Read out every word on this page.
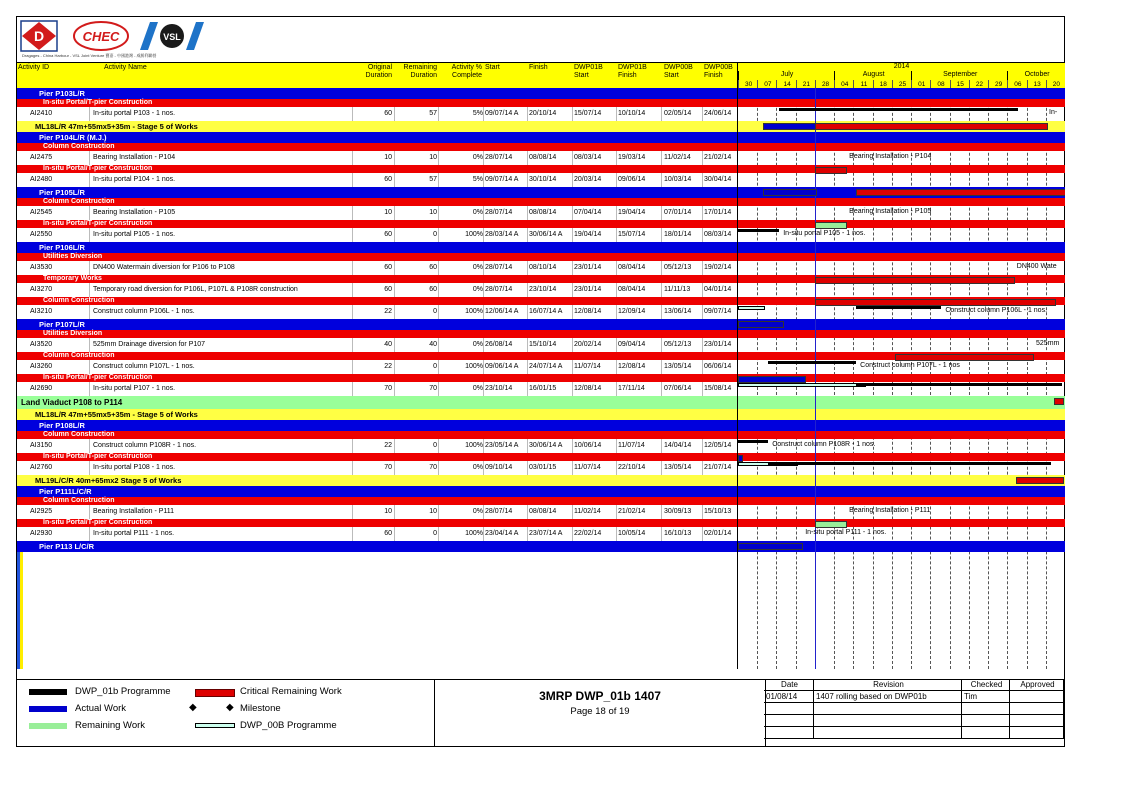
D	CHEC	VSL
Dragages - China Harbour - VSL Joint Venture 寶嘉 - 中國港灣 - 威勝利聯營
Activity ID	Activity Name	Original
Duration
Remaining
Duration
Activity %
Complete
Start	Finish	DWP01B
Start
DWP01B
Finish
DWP00B
Start
DWP00B
Finish
2014
July	August	September	October
30	07	14	21	28	04	11	18	25	01	08	15	22	29	06	13	20
Pier P103L/R
In-situ Portal/T-pier Construction
AI2410	In-situ portal P103 - 1 nos.	60	57	5% 09/07/14 A	20/10/14	15/07/14	10/10/14	02/05/14	24/06/14
ML18L/R 47m+55mx5+35m - Stage 5 of Works
Pier P104L/R (M.J.)
Column Construction
AI2475	Bearing Installation - P104	10	10	0% 28/07/14	08/08/14	08/03/14	19/03/14	11/02/14	21/02/14
In-situ Portal/T-pier Construction
AI2480	In-situ portal P104 - 1 nos.	60	57	5% 09/07/14 A	30/10/14	20/03/14	09/06/14	10/03/14	30/04/14
Pier P105L/R
Column Construction
AI2545	Bearing Installation - P105	10	10	0% 28/07/14	08/08/14	07/04/14	19/04/14	07/01/14	17/01/14
In-situ Portal/T-pier Construction
AI2550	In-situ portal P105 - 1 nos.	60	0	100% 28/03/14 A	30/06/14 A	19/04/14	15/07/14	18/01/14	08/03/14
Pier P106L/R
Utilities Diversion
AI3530	DN400 Watermain diversion for P106 to P108	60	60	0% 28/07/14	08/10/14	23/01/14	08/04/14	05/12/13	19/02/14
Temporary Works
AI3270	Temporary road diversion for P106L, P107L & P108R construction	60	60	0% 28/07/14	23/10/14	23/01/14	08/04/14	11/11/13	04/01/14
Column Construction
AI3210	Construct column P106L - 1 nos.	22	0	100% 12/06/14 A	16/07/14 A	12/08/14	12/09/14	13/06/14	09/07/14
Pier P107L/R
Utilities Diversion
AI3520	525mm Drainage diversion for P107	40	40	0% 26/08/14	15/10/14	20/02/14	09/04/14	05/12/13	23/01/14
Column Construction
AI3260	Construct column P107L - 1 nos.	22	0	100% 09/06/14 A	24/07/14 A	11/07/14	12/08/14	13/05/14	06/06/14
In-situ Portal/T-pier Construction
AI2690	In-situ portal P107 - 1 nos.	70	70	0% 23/10/14	16/01/15	12/08/14	17/11/14	07/06/14	15/08/14
Land Viaduct P108 to P114
ML18L/R 47m+55mx5+35m - Stage 5 of Works
Pier P108L/R
Column Construction
AI3150	Construct column P108R - 1 nos.	22	0	100% 23/05/14 A	30/06/14 A	10/06/14	11/07/14	14/04/14	12/05/14
In-situ Portal/T-pier Construction
AI2760	In-situ portal P108 - 1 nos.	70	70	0% 09/10/14	03/01/15	11/07/14	22/10/14	13/05/14	21/07/14
ML19L/C/R 40m+65mx2 Stage 5 of Works
Pier P111L/C/R
Column Construction
AI2925	Bearing Installation - P111	10	10	0% 28/07/14	08/08/14	11/02/14	21/02/14	30/09/13	15/10/13
In-situ Portal/T-pier Construction
AI2930	In-situ portal P111 - 1 nos.	60	0	100% 23/04/14 A	23/07/14 A	22/02/14	10/05/14	16/10/13	02/01/14
Pier P113 L/C/R
In-
Bearing Installation - P104
Bearing Installation - P105
In-situ portal P105 - 1 nos.
DN400 Wate
Construct column P106L - 1 nos.
525mm
Construct column P107L - 1 nos
Construct column P108R - 1 nos.
Bearing Installation - P111
In-situ portal P111 - 1 nos.
DWP_01b Programme
Actual Work
Remaining Work
Critical Remaining Work
◆	◆ Milestone
DWP_00B Programme
3MRP DWP_01b 1407
Page 18 of 19
Date	Revision	Checked	Approved
01/08/14	1407 rolling based on DWP01b	Tim
